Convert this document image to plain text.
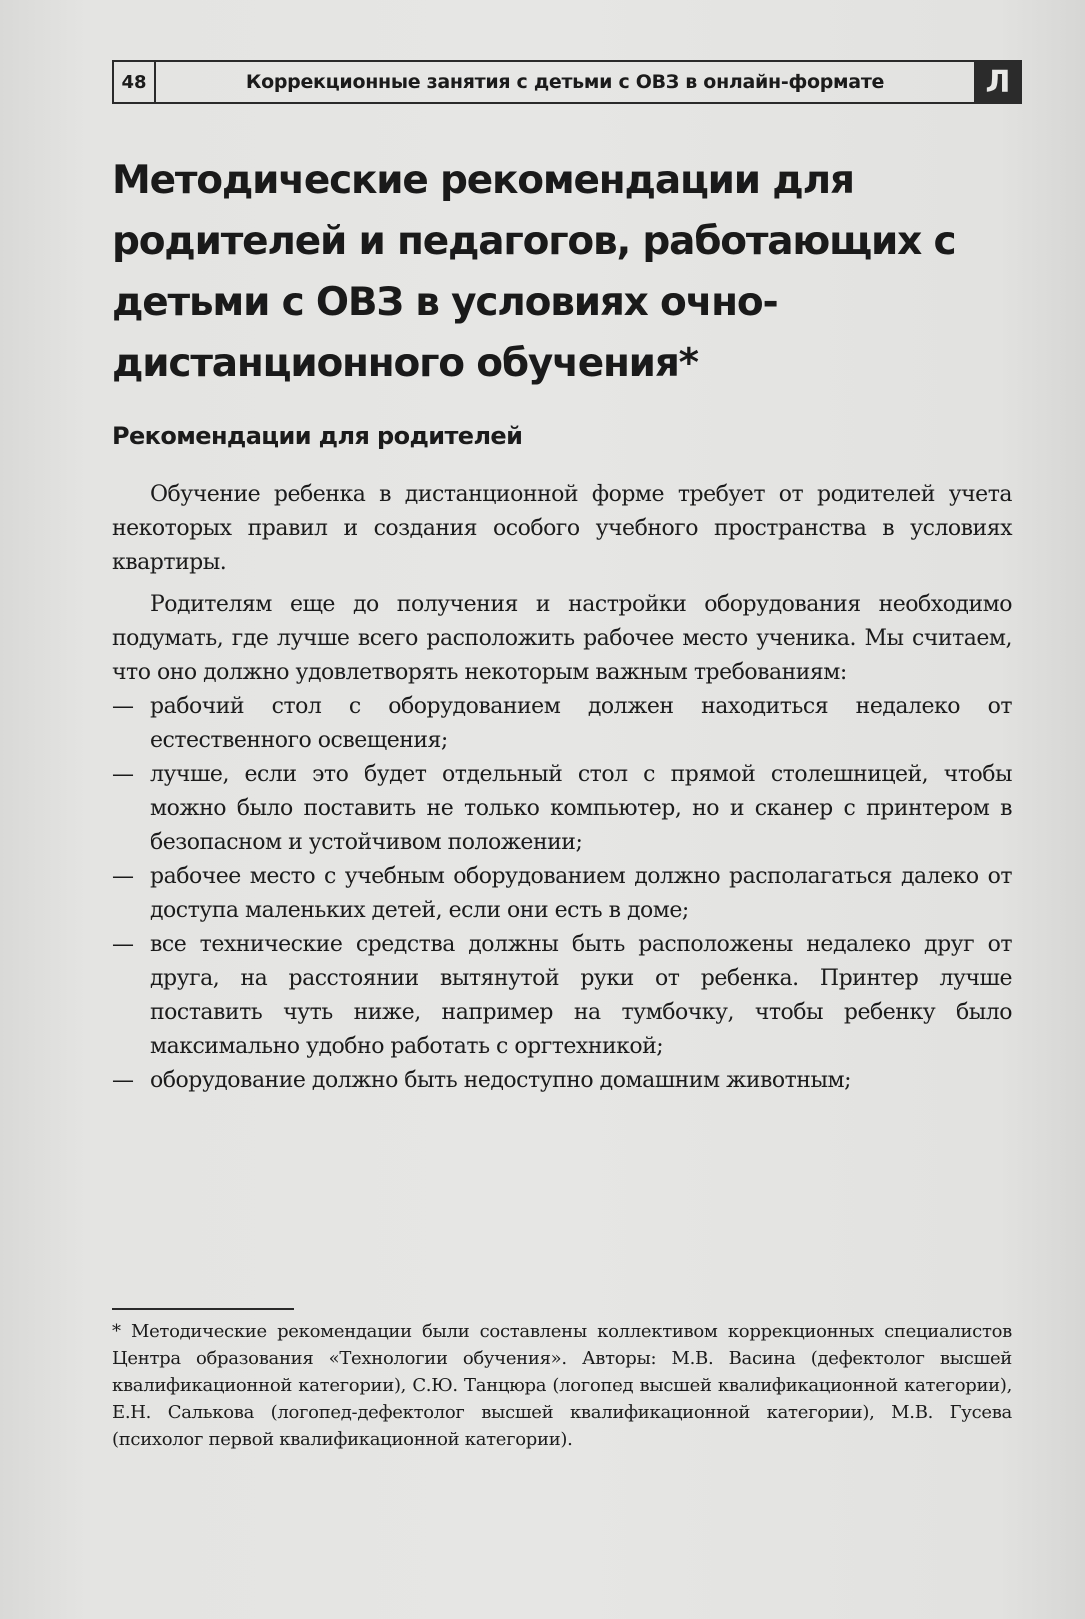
48	Коррекционные занятия с детьми с ОВЗ в онлайн-формате	Л
Методические рекомендации для родителей и педагогов, работающих с детьми с ОВЗ в условиях очно-дистанционного обучения*
Рекомендации для родителей

Обучение ребенка в дистанционной форме требует от родителей учета некоторых правил и создания особого учебного пространства в условиях квартиры.

Родителям еще до получения и настройки оборудования необходимо подумать, где лучше всего расположить рабочее место ученика. Мы считаем, что оно должно удовлетворять некоторым важным требованиям:

— рабочий стол с оборудованием должен находиться недалеко от естественного освещения;
— лучше, если это будет отдельный стол с прямой столешницей, чтобы можно было поставить не только компьютер, но и сканер с принтером в безопасном и устойчивом положении;
— рабочее место с учебным оборудованием должно располагаться далеко от доступа маленьких детей, если они есть в доме;
— все технические средства должны быть расположены недалеко друг от друга, на расстоянии вытянутой руки от ребенка. Принтер лучше поставить чуть ниже, например на тумбочку, чтобы ребенку было максимально удобно работать с оргтехникой;
— оборудование должно быть недоступно домашним животным;

* Методические рекомендации были составлены коллективом коррекционных специалистов Центра образования «Технологии обучения». Авторы: М.В. Васина (дефектолог высшей квалификационной категории), С.Ю. Танцюра (логопед высшей квалификационной категории), Е.Н. Салькова (логопед-дефектолог высшей квалификационной категории), М.В. Гусева (психолог первой квалификационной категории).
